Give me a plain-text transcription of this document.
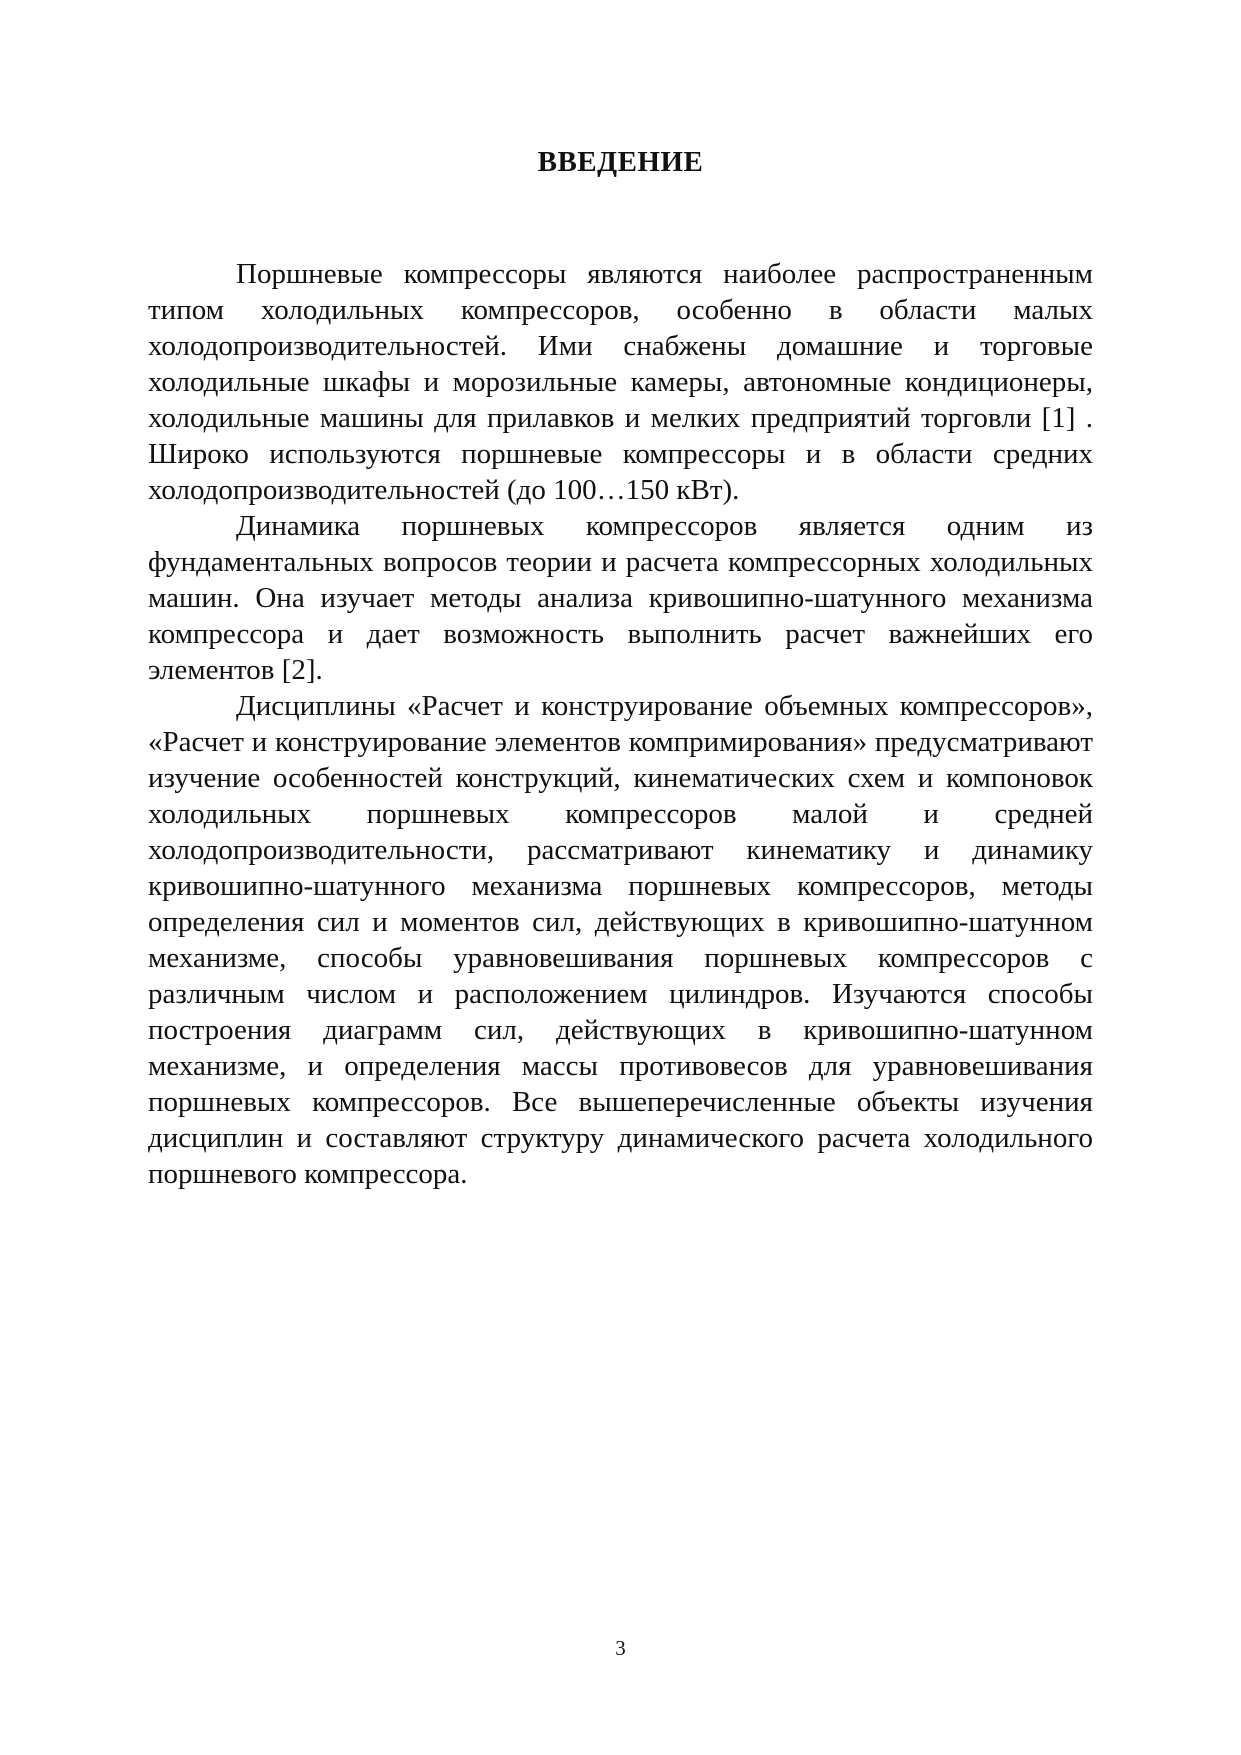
ВВЕДЕНИЕ

Поршневые компрессоры являются наиболее распространенным типом холодильных компрессоров, особенно в области малых холодопроизводительностей. Ими снабжены домашние и торговые холодильные шкафы и морозильные камеры, автономные кондиционеры, холодильные машины для прилавков и мелких предприятий торговли [1] . Широко используются поршневые компрессоры и в области средних холодопроизводительностей (до 100…150 кВт).

Динамика поршневых компрессоров является одним из фундаментальных вопросов теории и расчета компрессорных холодильных машин. Она изучает методы анализа кривошипно-шатунного механизма компрессора и дает возможность выполнить расчет важнейших его элементов [2].

Дисциплины «Расчет и конструирование объемных компрессоров», «Расчет и конструирование элементов компримирования» предусматривают изучение особенностей конструкций, кинематических схем и компоновок холодильных поршневых компрессоров малой и средней холодопроизводительности, рассматривают кинематику и динамику кривошипно-шатунного механизма поршневых компрессоров, методы определения сил и моментов сил, действующих в кривошипно-шатунном механизме, способы уравновешивания поршневых компрессоров с различным числом и расположением цилиндров. Изучаются способы построения диаграмм сил, действующих в кривошипно-шатунном механизме, и определения массы противовесов для уравновешивания поршневых компрессоров. Все вышеперечисленные объекты изучения дисциплин и составляют структуру динамического расчета холодильного поршневого компрессора.

3
